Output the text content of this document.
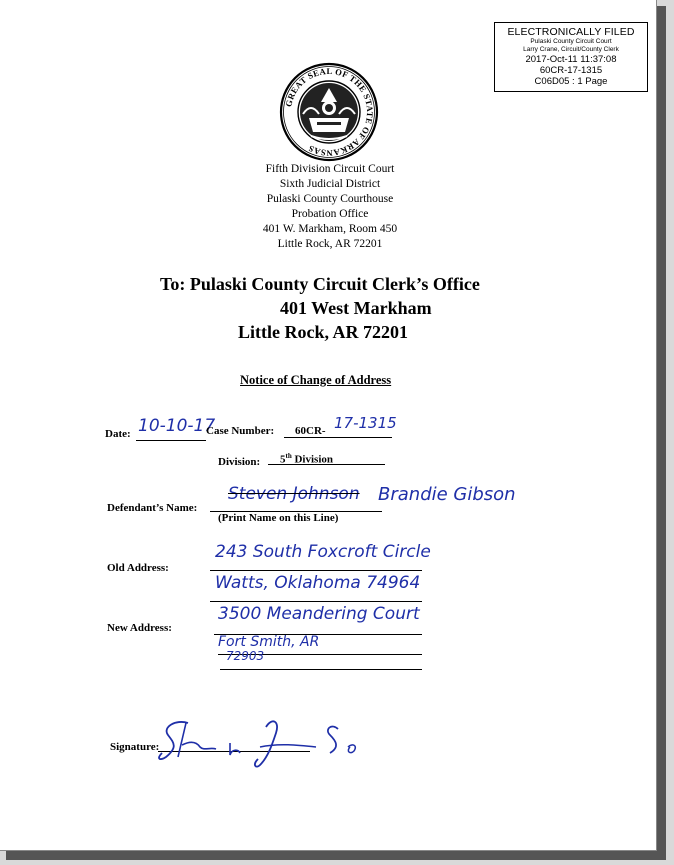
ELECTRONICALLY FILED
Pulaski County Circuit Court
Larry Crane, Circuit/County Clerk
2017-Oct-11 11:37:08
60CR-17-1315
C06D05 : 1 Page
GREAT SEAL OF THE STATE OF ARKANSAS
Fifth Division Circuit Court
Sixth Judicial District
Pulaski County Courthouse
Probation Office
401 W. Markham, Room 450
Little Rock, AR 72201
To: Pulaski County Circuit Clerk’s Office
401 West Markham
Little Rock, AR 72201
Notice of Change of Address
Date: 10-10-17
Case Number: 60CR- 17-1315
Division: 5th Division
Defendant’s Name:
Steven Johnson Brandie Gibson
(Print Name on this Line)
Old Address:
243 South Foxcroft Circle
Watts, Oklahoma 74964
New Address:
3500 Meandering Court
Fort Smith, AR
72903
Signature:
